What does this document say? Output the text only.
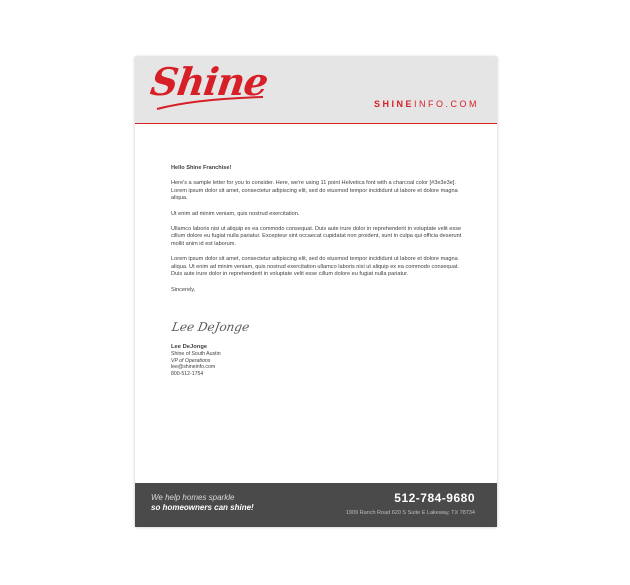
Shine	SHINEINFO.COM

Hello Shine Franchise!

Here's a sample letter for you to consider. Here, we're using 11 point Helvetica font with a charcoal color [#3e3e3e]. Lorem ipsum dolor sit amet, consectetur adipiscing elit, sed do eiusmod tempor incididunt ut labore et dolore magna aliqua.

Ut enim ad minim veniam, quis nostrud exercitation.

Ullamco laboris nisi ut aliquip ex ea commodo consequat. Duis aute irure dolor in reprehenderit in voluptate velit esse cillum dolore eu fugiat nulla pariatur. Excepteur sint occaecat cupidatat non proident, sunt in culpa qui officia deserunt mollit anim id est laborum.

Lorem ipsum dolor sit amet, consectetur adipiscing elit, sed do eiusmod tempor incididunt ut labore et dolore magna aliqua. Ut enim ad minim veniam, quis nostrud exercitation ullamco laboris nisi ut aliquip ex ea commodo consequat. Duis aute irure dolor in reprehenderit in voluptate velit esse cillum dolore eu fugiat nulla pariatur.

Sincerely,

Lee DeJonge
Lee DeJonge
Shine of South Austin
VP of Operations
lee@shineinfo.com
800-512-1754
We help homes sparkle
so homeowners can shine!
512-784-9680
1909 Ranch Road 620 S Suite E Lakeway, TX 78734
